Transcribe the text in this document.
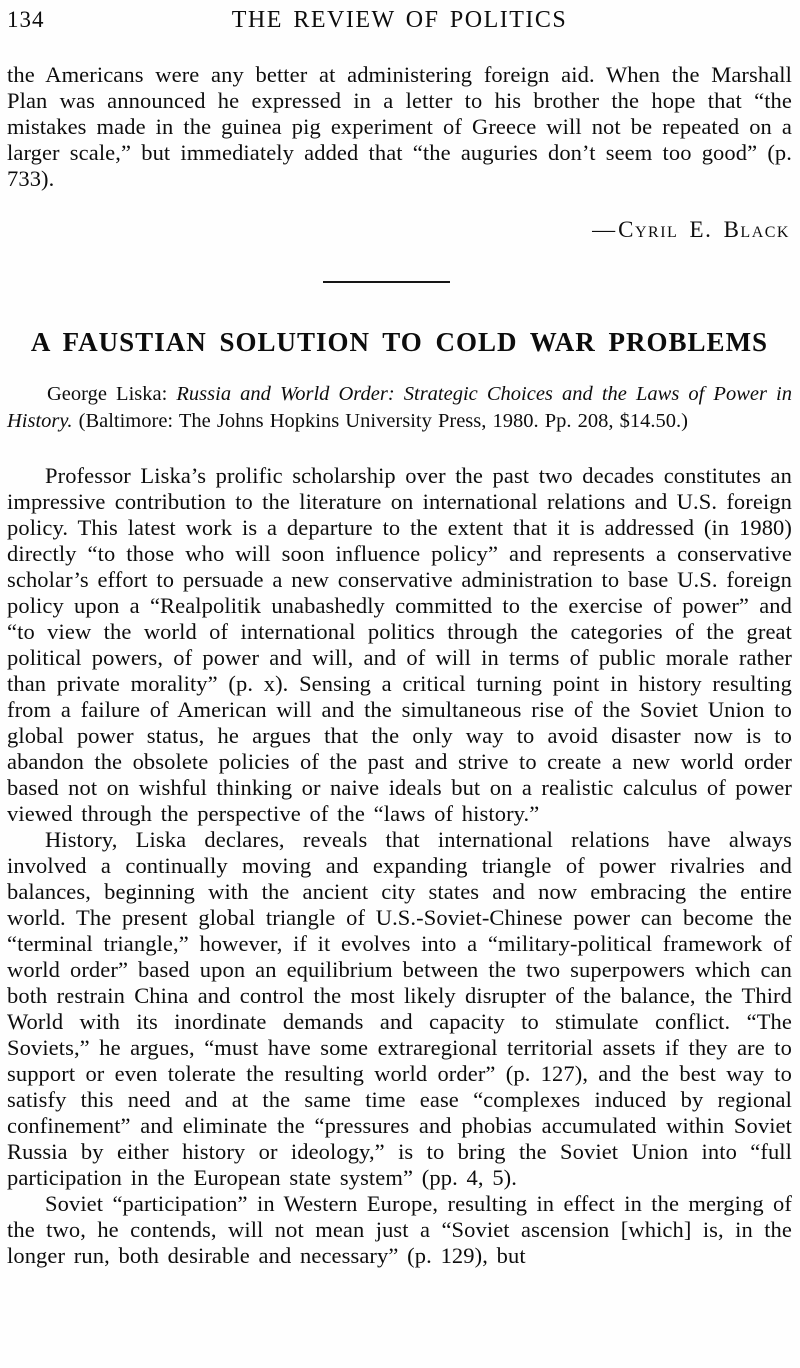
134	THE REVIEW OF POLITICS

the Americans were any better at administering foreign aid. When the Marshall Plan was announced he expressed in a letter to his brother the hope that “the mistakes made in the guinea pig experiment of Greece will not be repeated on a larger scale,” but immediately added that “the auguries don’t seem too good” (p. 733).

— Cyril E. Black
A FAUSTIAN SOLUTION TO COLD WAR PROBLEMS

George Liska: Russia and World Order: Strategic Choices and the Laws of Power in History. (Baltimore: The Johns Hopkins University Press, 1980. Pp. 208, $14.50.)

Professor Liska’s prolific scholarship over the past two decades constitutes an impressive contribution to the literature on international relations and U.S. foreign policy. This latest work is a departure to the extent that it is addressed (in 1980) directly “to those who will soon influence policy” and represents a conservative scholar’s effort to persuade a new conservative administration to base U.S. foreign policy upon a “Realpolitik unabashedly committed to the exercise of power” and “to view the world of international politics through the categories of the great political powers, of power and will, and of will in terms of public morale rather than private morality” (p. x). Sensing a critical turning point in history resulting from a failure of American will and the simultaneous rise of the Soviet Union to global power status, he argues that the only way to avoid disaster now is to abandon the obsolete policies of the past and strive to create a new world order based not on wishful thinking or naive ideals but on a realistic calculus of power viewed through the perspective of the “laws of history.”

History, Liska declares, reveals that international relations have always involved a continually moving and expanding triangle of power rivalries and balances, beginning with the ancient city states and now embracing the entire world. The present global triangle of U.S.-Soviet-Chinese power can become the “terminal triangle,” however, if it evolves into a “military-political framework of world order” based upon an equilibrium between the two superpowers which can both restrain China and control the most likely disrupter of the balance, the Third World with its inordinate demands and capacity to stimulate conflict. “The Soviets,” he argues, “must have some extraregional territorial assets if they are to support or even tolerate the resulting world order” (p. 127), and the best way to satisfy this need and at the same time ease “complexes induced by regional confinement” and eliminate the “pressures and phobias accumulated within Soviet Russia by either history or ideology,” is to bring the Soviet Union into “full participation in the European state system” (pp. 4, 5).

Soviet “participation” in Western Europe, resulting in effect in the merging of the two, he contends, will not mean just a “Soviet ascension [which] is, in the longer run, both desirable and necessary” (p. 129), but
